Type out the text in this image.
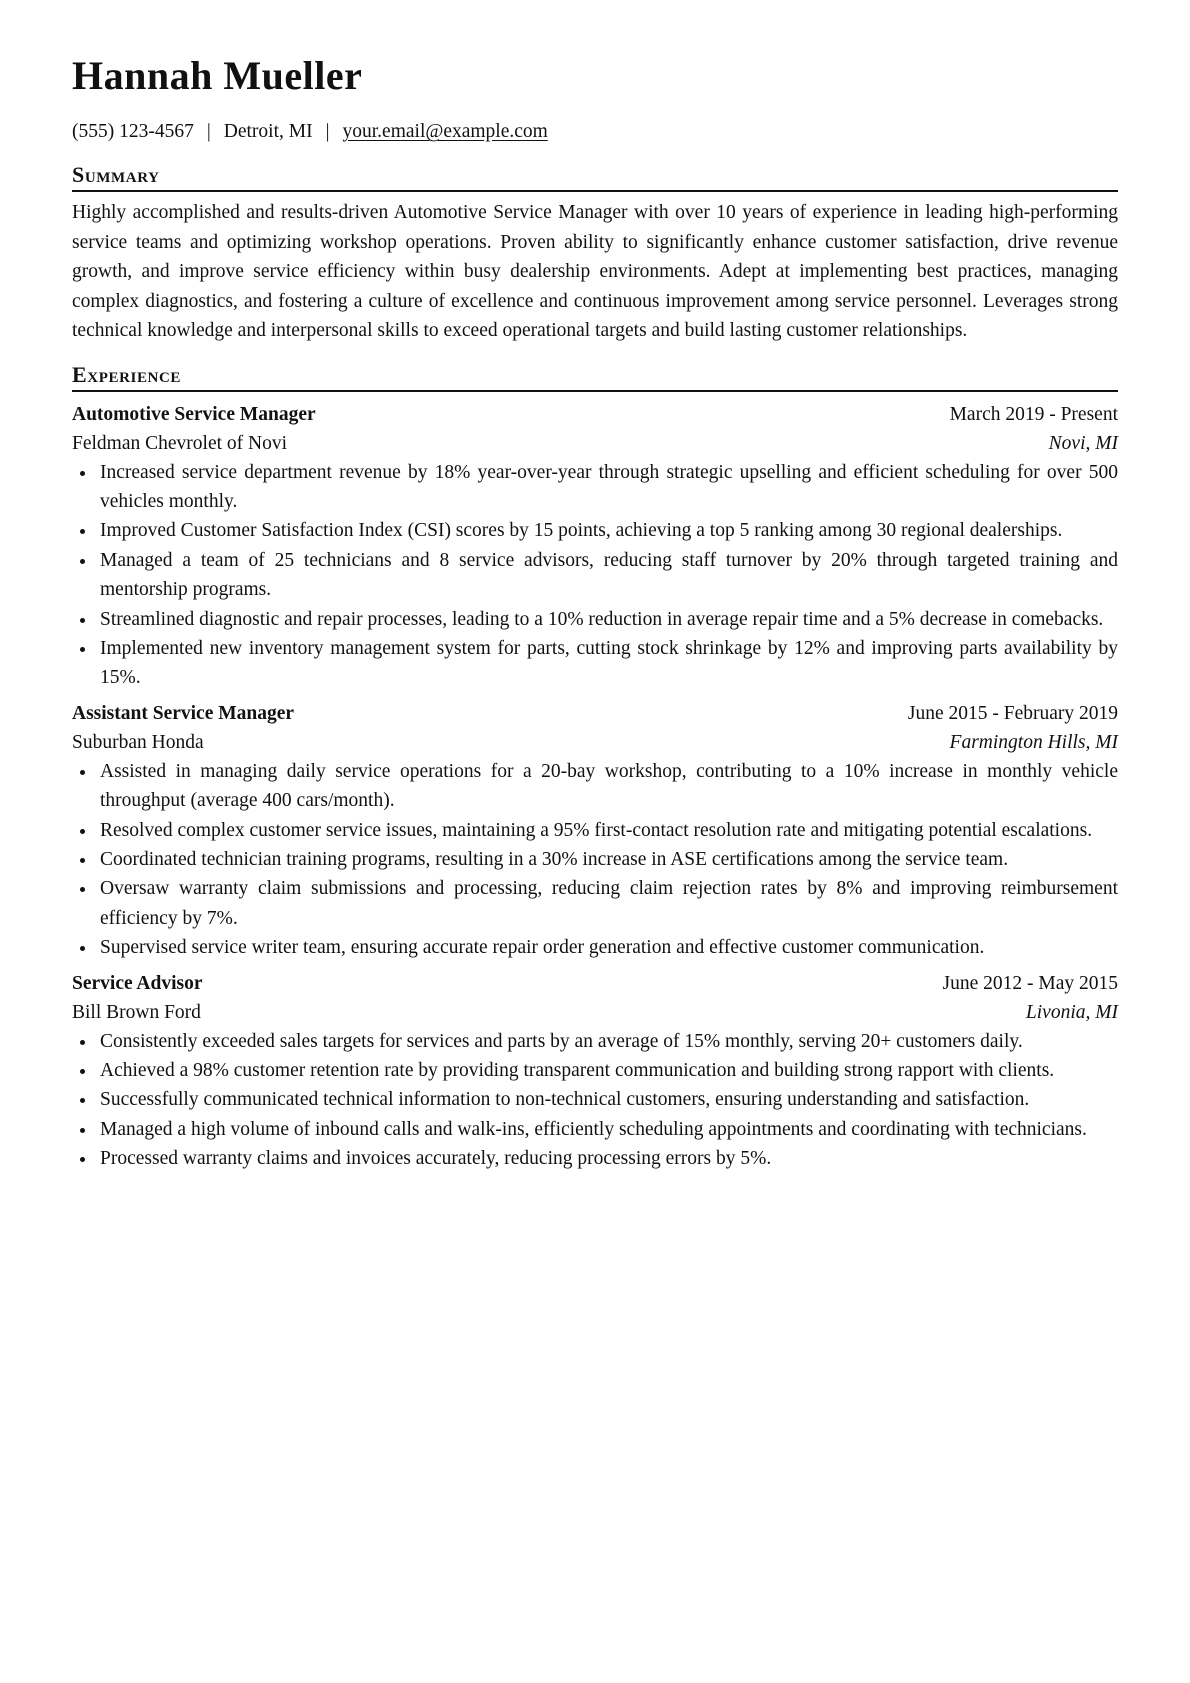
Hannah Mueller
(555) 123-4567 | Detroit, MI | your.email@example.com
Summary

Highly accomplished and results-driven Automotive Service Manager with over 10 years of experience in leading high-performing service teams and optimizing workshop operations. Proven ability to significantly enhance customer satisfaction, drive revenue growth, and improve service efficiency within busy dealership environments. Adept at implementing best practices, managing complex diagnostics, and fostering a culture of excellence and continuous improvement among service personnel. Leverages strong technical knowledge and interpersonal skills to exceed operational targets and build lasting customer relationships.

Experience
Automotive Service Manager	March 2019 - Present
Feldman Chevrolet of Novi	Novi, MI
Increased service department revenue by 18% year-over-year through strategic upselling and efficient scheduling for over 500 vehicles monthly.
Improved Customer Satisfaction Index (CSI) scores by 15 points, achieving a top 5 ranking among 30 regional dealerships.
Managed a team of 25 technicians and 8 service advisors, reducing staff turnover by 20% through targeted training and mentorship programs.
Streamlined diagnostic and repair processes, leading to a 10% reduction in average repair time and a 5% decrease in comebacks.
Implemented new inventory management system for parts, cutting stock shrinkage by 12% and improving parts availability by 15%.
Assistant Service Manager	June 2015 - February 2019
Suburban Honda	Farmington Hills, MI
Assisted in managing daily service operations for a 20-bay workshop, contributing to a 10% increase in monthly vehicle throughput (average 400 cars/month).
Resolved complex customer service issues, maintaining a 95% first-contact resolution rate and mitigating potential escalations.
Coordinated technician training programs, resulting in a 30% increase in ASE certifications among the service team.
Oversaw warranty claim submissions and processing, reducing claim rejection rates by 8% and improving reimbursement efficiency by 7%.
Supervised service writer team, ensuring accurate repair order generation and effective customer communication.
Service Advisor	June 2012 - May 2015
Bill Brown Ford	Livonia, MI
Consistently exceeded sales targets for services and parts by an average of 15% monthly, serving 20+ customers daily.
Achieved a 98% customer retention rate by providing transparent communication and building strong rapport with clients.
Successfully communicated technical information to non-technical customers, ensuring understanding and satisfaction.
Managed a high volume of inbound calls and walk-ins, efficiently scheduling appointments and coordinating with technicians.
Processed warranty claims and invoices accurately, reducing processing errors by 5%.
